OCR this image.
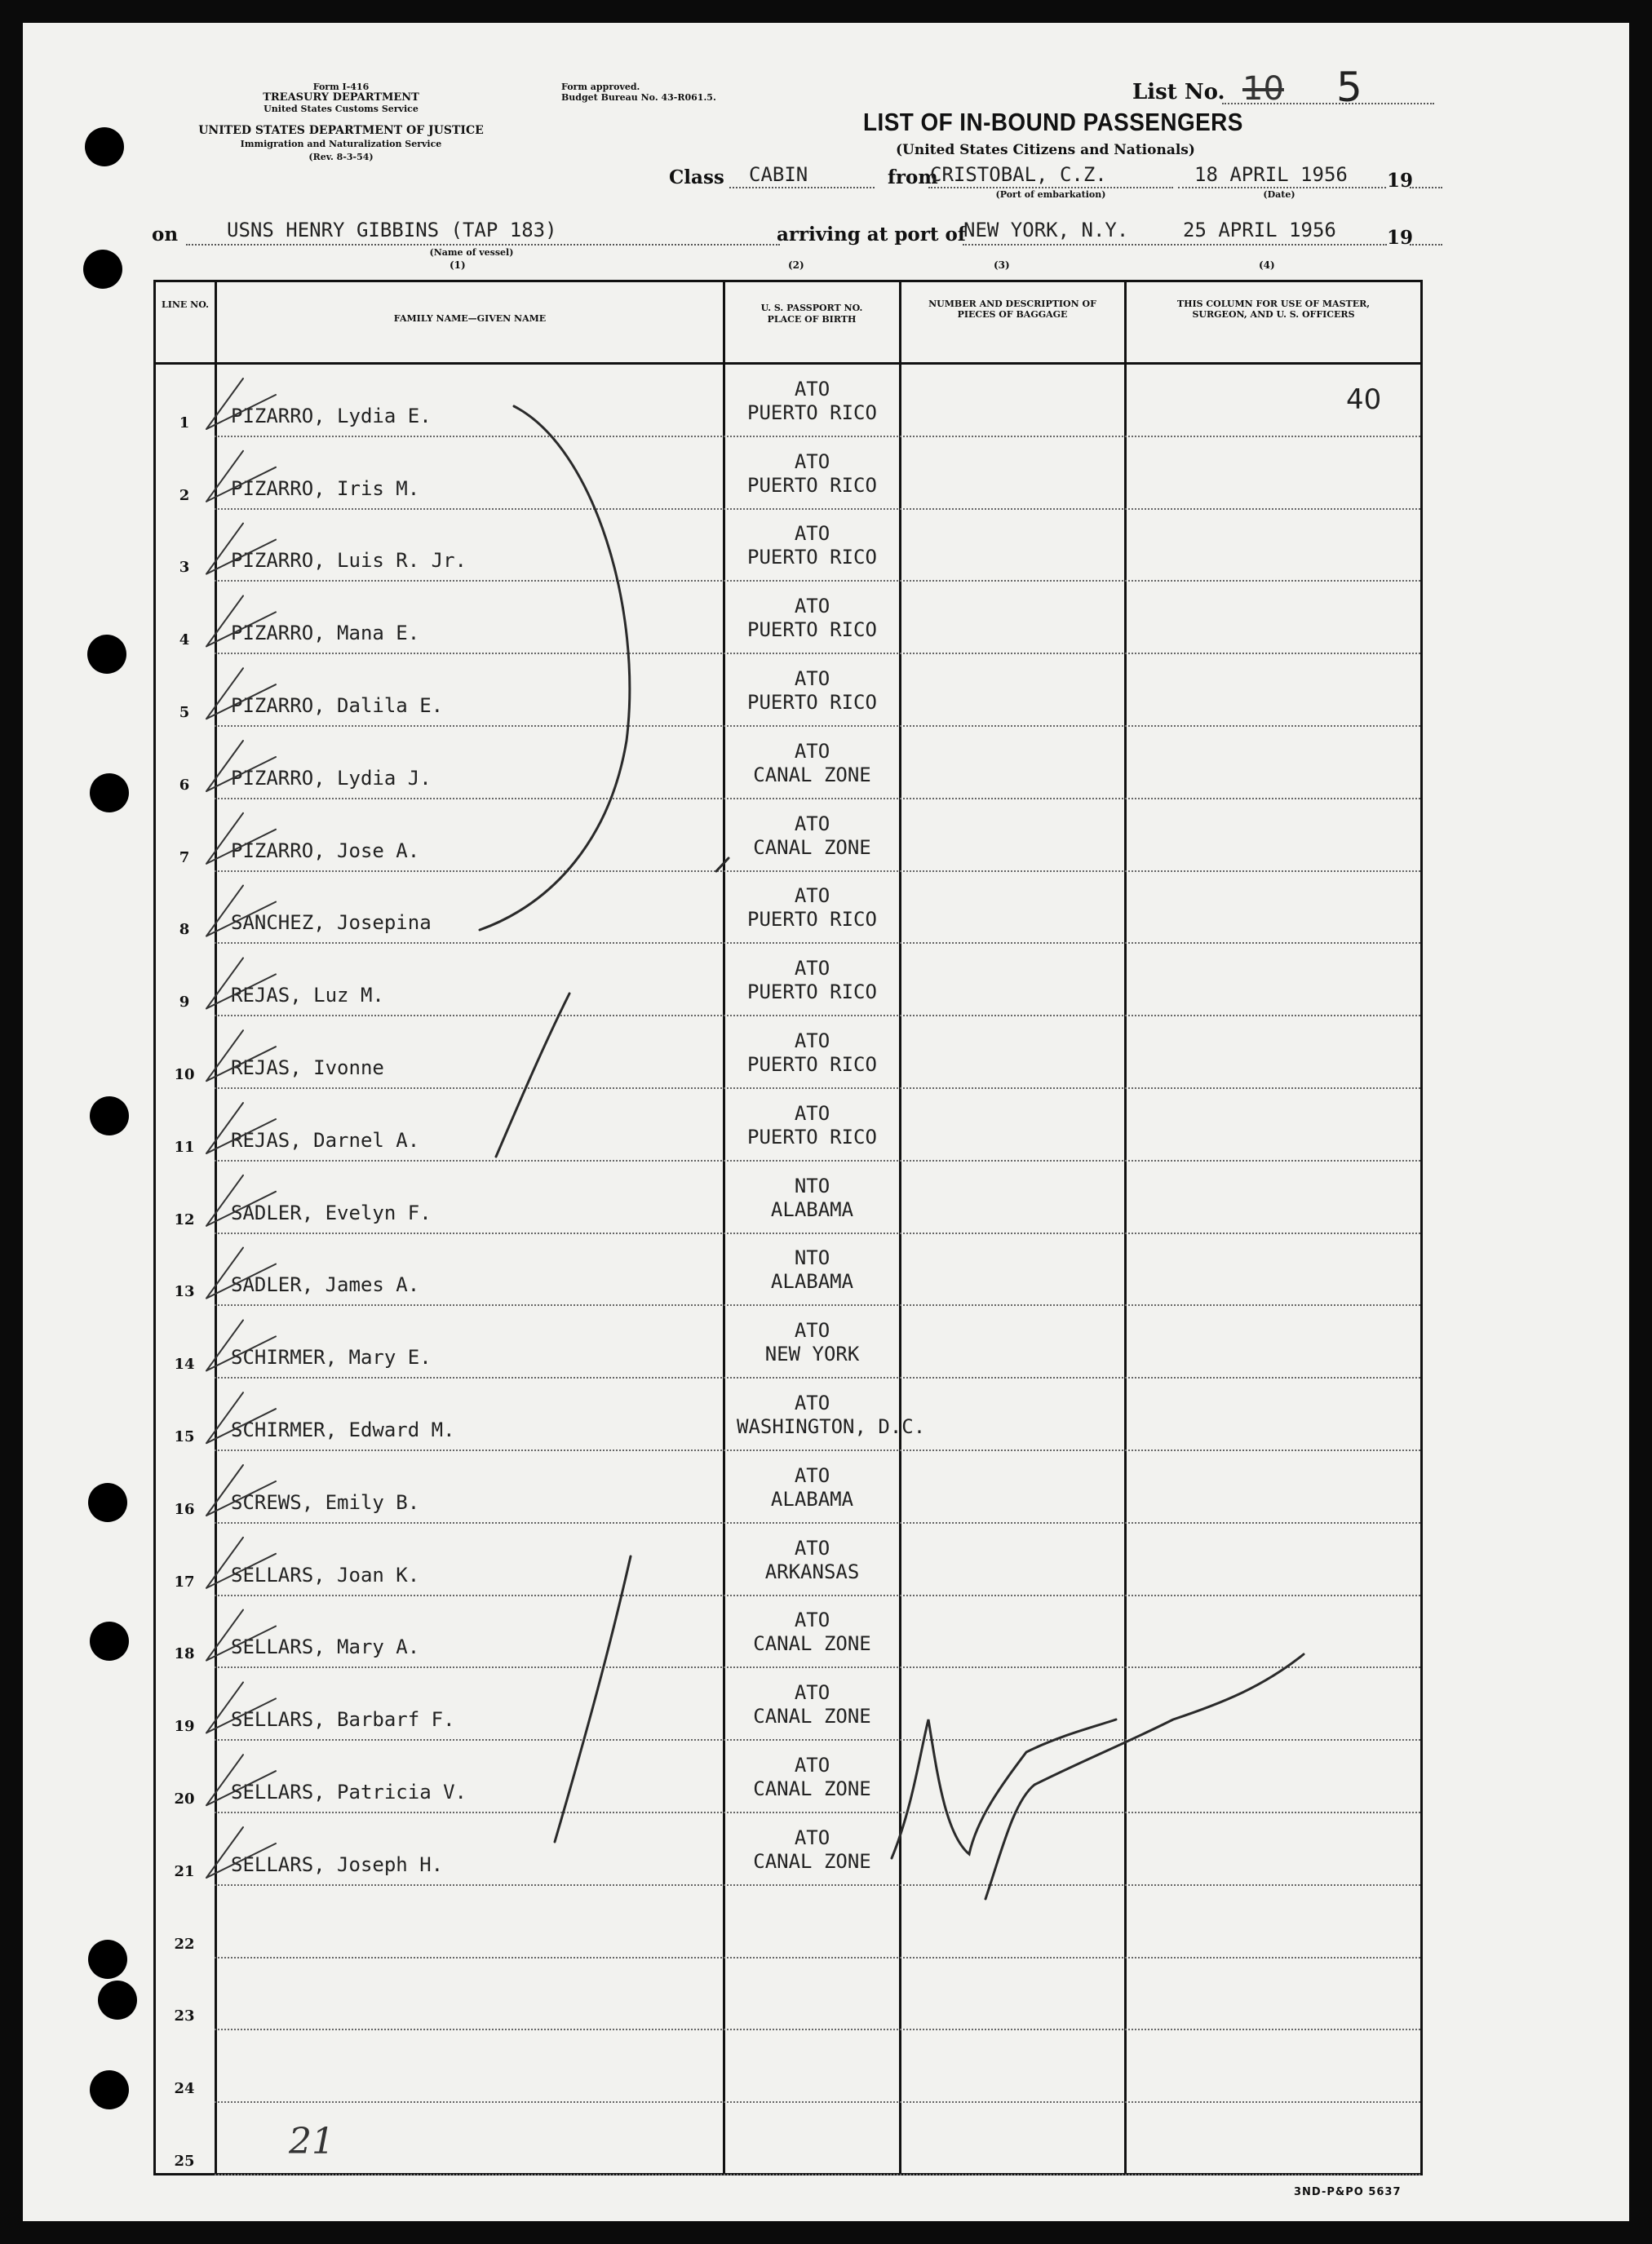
Form I-416
TREASURY DEPARTMENT
United States Customs Service
UNITED STATES DEPARTMENT OF JUSTICE
Immigration and Naturalization Service
(Rev. 8-3-54)
Form approved.
Budget Bureau No. 43-R061.5.	List No. 10 5
LIST OF IN-BOUND PASSENGERS
(United States Citizens and Nationals)
Class CABIN	from
CRISTOBAL, C.Z.	18 APRIL 1956 19
(Port of embarkation)	(Date)
on USNS HENRY GIBBINS (TAP 183)
(Name of vessel)
arriving at port of
NEW YORK, N.Y.	25 APRIL 1956	19
(1)	(2)	(3)	(4)
LINE NO.
FAMILY NAME—GIVEN NAME
U. S. PASSPORT NO. PLACE OF BIRTH
NUMBER AND DESCRIPTION OF PIECES OF BAGGAGE
THIS COLUMN FOR USE OF MASTER, SURGEON, AND U. S. OFFICERS
1	PIZARRO, Lydia E.
ATO
PUERTO RICO
2	PIZARRO, Iris M.
ATO
PUERTO RICO
3	PIZARRO, Luis R. Jr.
ATO
PUERTO RICO
4	PIZARRO, Mana E.
ATO
PUERTO RICO
5	PIZARRO, Dalila E.
ATO
PUERTO RICO
6	PIZARRO, Lydia J.
ATO
CANAL ZONE
7	PIZARRO, Jose A.
ATO
CANAL ZONE
8	SANCHEZ, Josepina
ATO
PUERTO RICO
9	REJAS, Luz M.
ATO
PUERTO RICO
10	REJAS, Ivonne
ATO
PUERTO RICO
11	REJAS, Darnel A.
ATO
PUERTO RICO
12	SADLER, Evelyn F.
NTO
ALABAMA
13	SADLER, James A.
NTO
ALABAMA
14	SCHIRMER, Mary E.
ATO
NEW YORK
15	SCHIRMER, Edward M.
ATO
WASHINGTON, D.C.
16	SCREWS, Emily B.
ATO
ALABAMA
17	SELLARS, Joan K.
ATO
ARKANSAS
18	SELLARS, Mary A.
ATO
CANAL ZONE
19	SELLARS, Barbarf F.
ATO
CANAL ZONE
20	SELLARS, Patricia V.
ATO
CANAL ZONE
21	SELLARS, Joseph H.
ATO
CANAL ZONE
22
23
24
25
40
21
3ND-P&PO 5637
